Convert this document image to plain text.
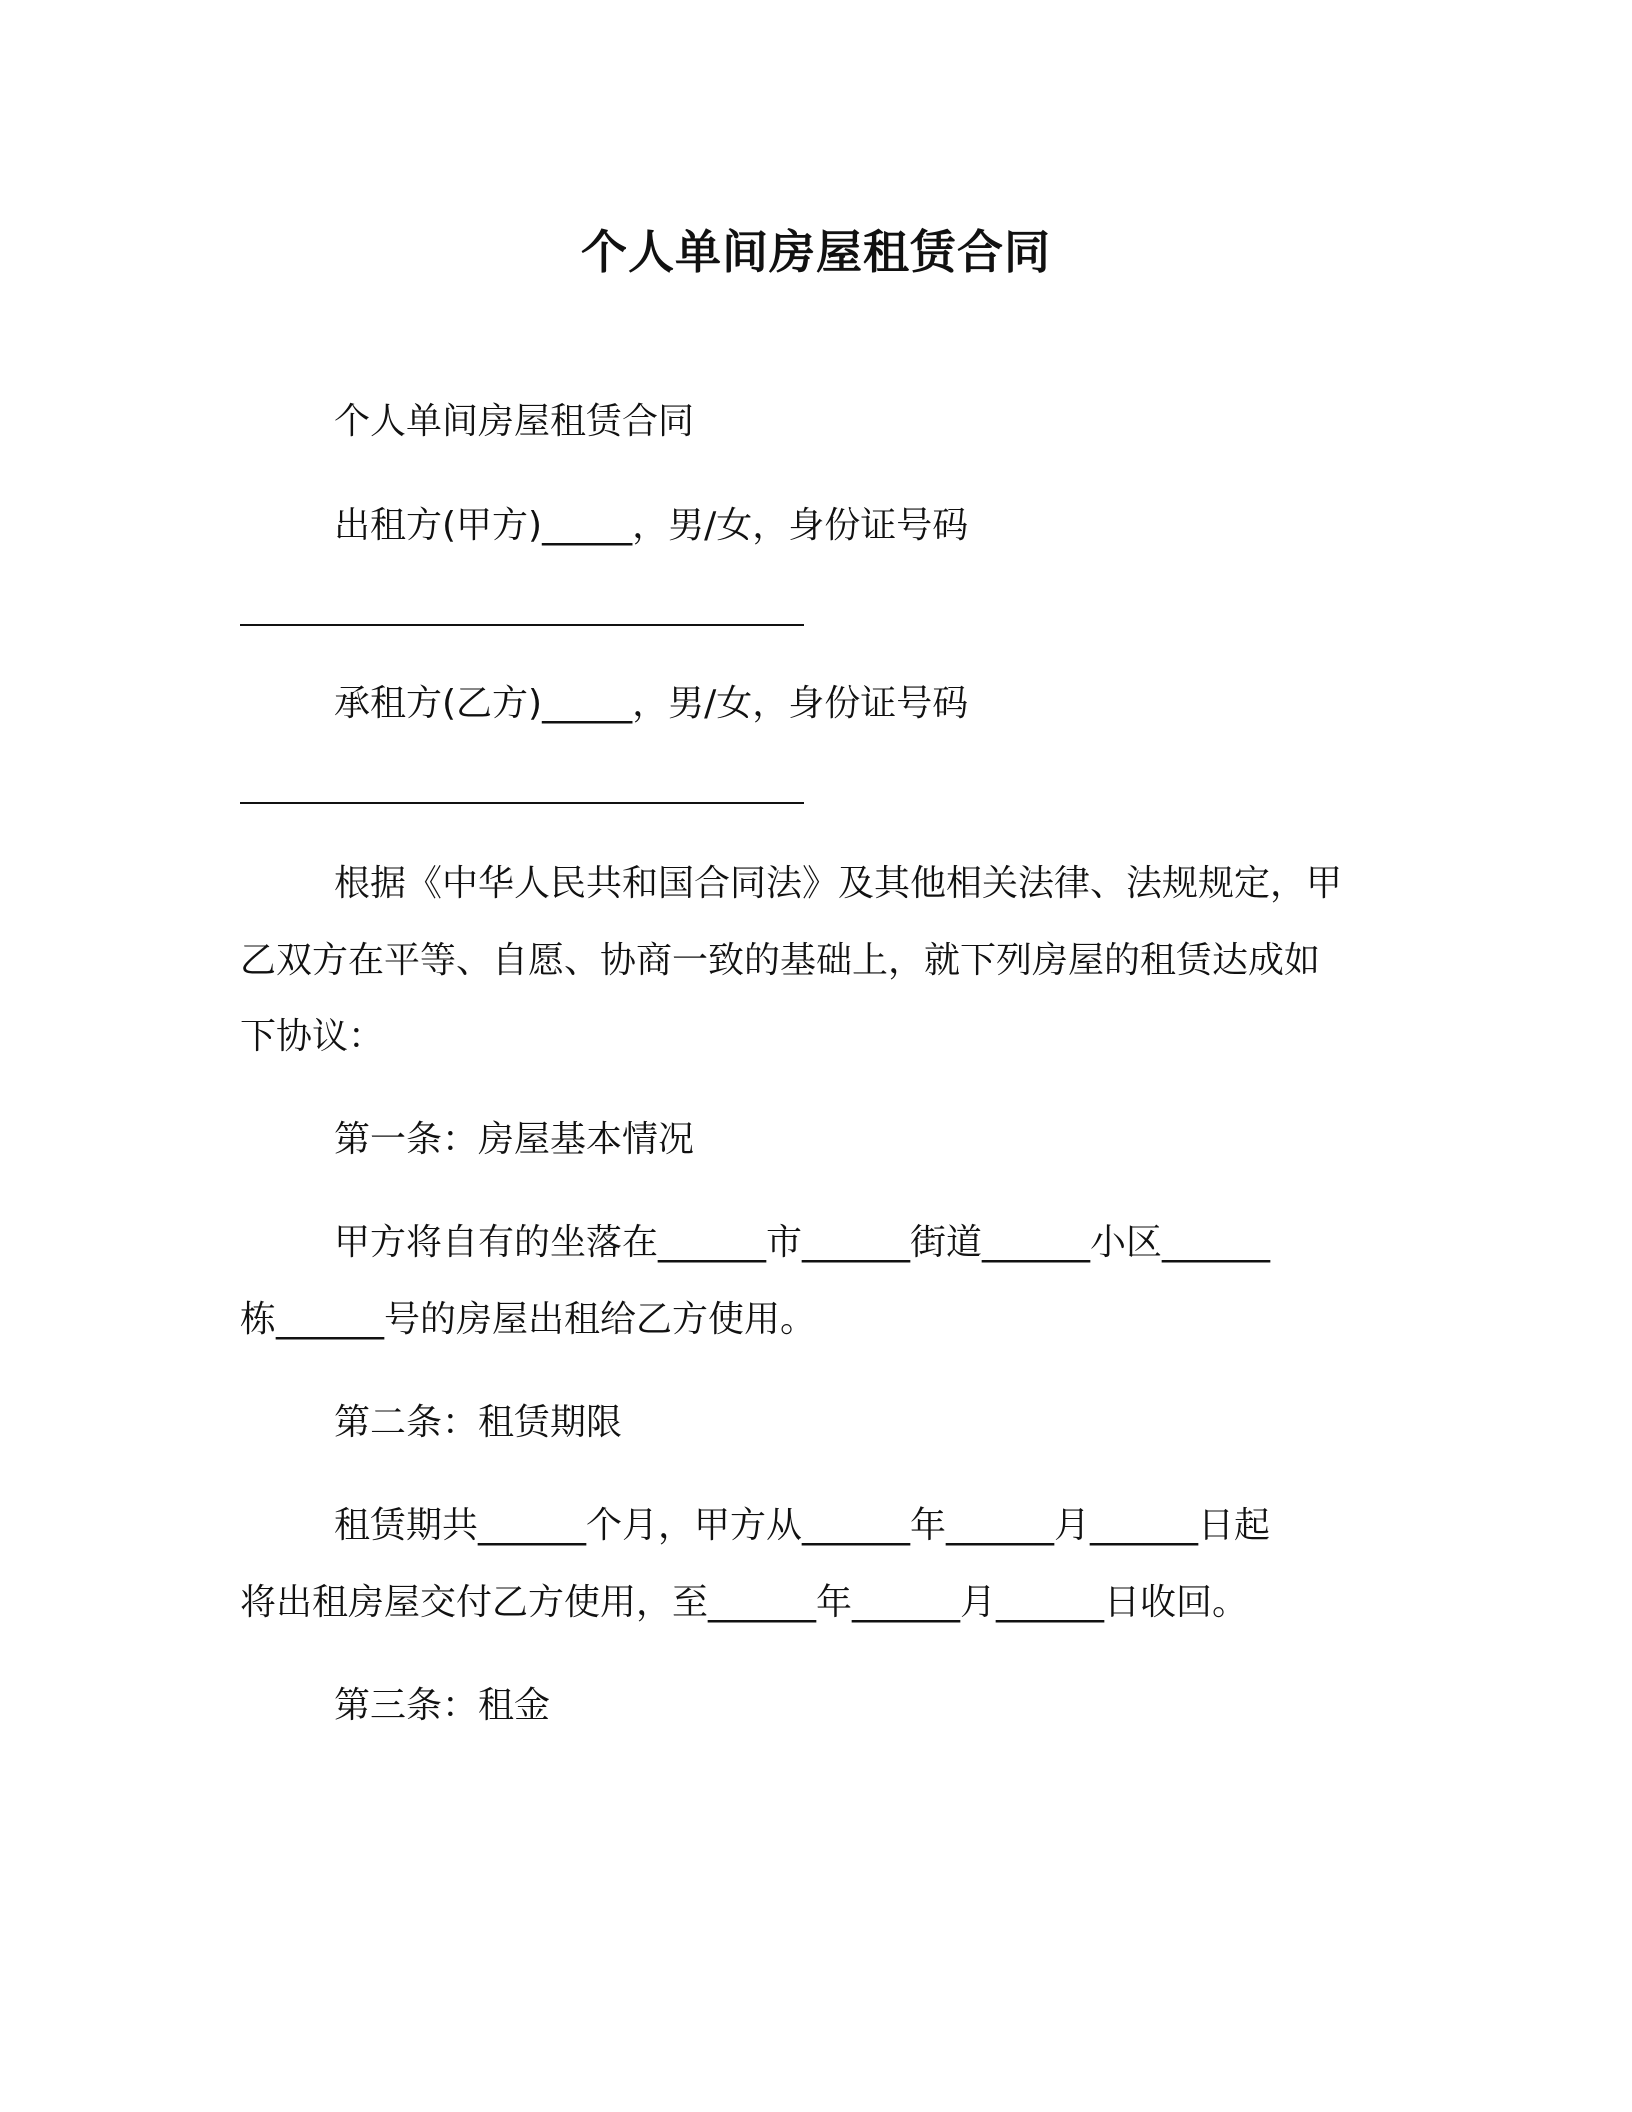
个人单间房屋租赁合同
个人单间房屋租赁合同
出租方(甲方)_____，男/女，身份证号码
承租方(乙方)_____，男/女，身份证号码
根据《中华人民共和国合同法》及其他相关法律、法规规定，甲
乙双方在平等、自愿、协商一致的基础上，就下列房屋的租赁达成如
下协议：
第一条：房屋基本情况
甲方将自有的坐落在______市______街道______小区______
栋______号的房屋出租给乙方使用。
第二条：租赁期限
租赁期共______个月，甲方从______年______月______日起
将出租房屋交付乙方使用，至______年______月______日收回。
第三条：租金
